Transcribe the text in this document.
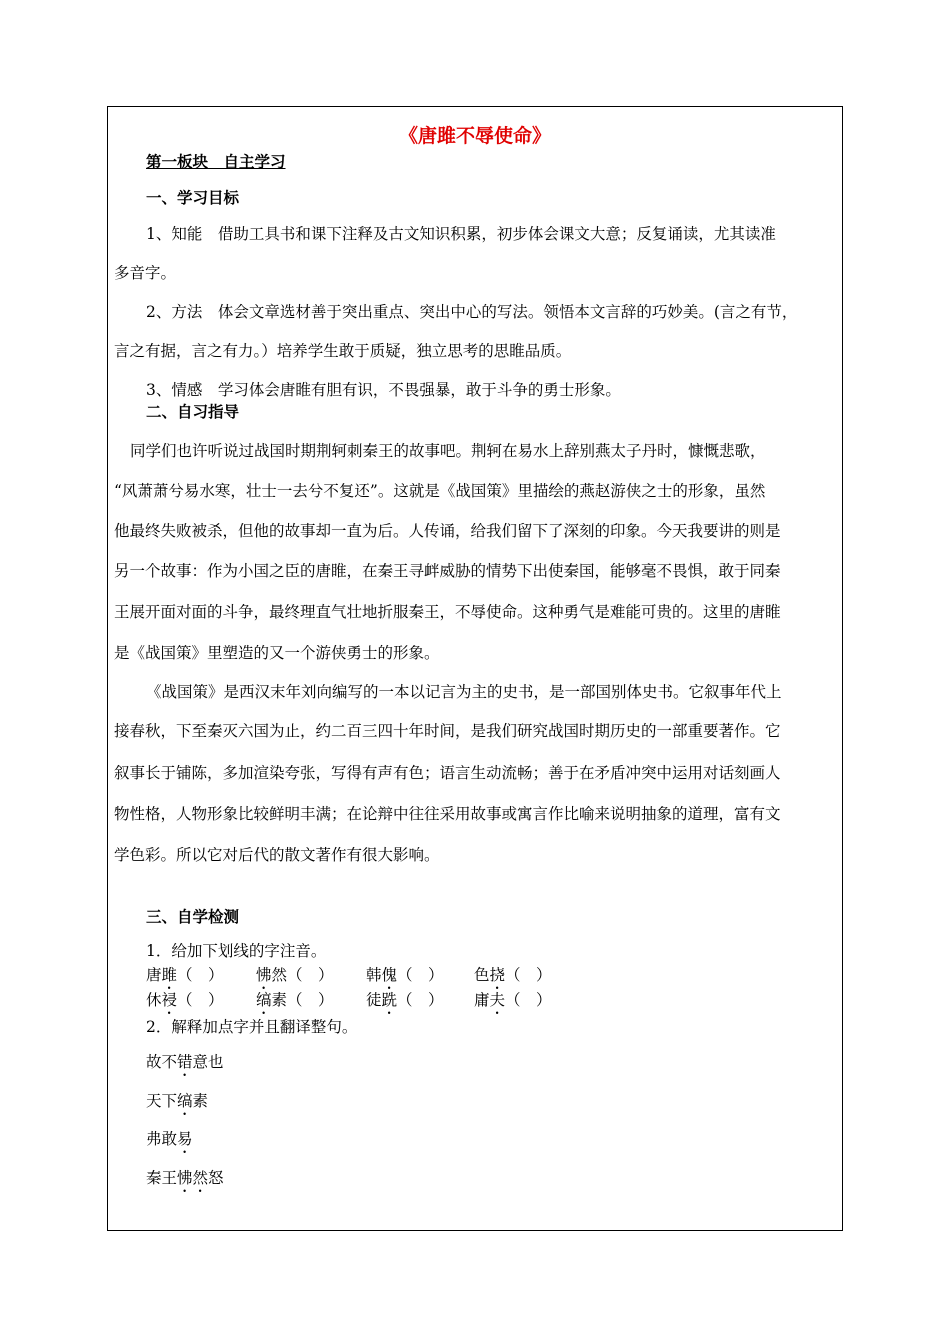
《唐雎不辱使命》
第一板块　自主学习
一、学习目标
1、知能　借助工具书和课下注释及古文知识积累，初步体会课文大意；反复诵读，尤其读准
多音字。
2、方法　体会文章选材善于突出重点、突出中心的写法。领悟本文言辞的巧妙美。(言之有节，
言之有据，言之有力。）培养学生敢于质疑，独立思考的思睢品质。
3、情感　学习体会唐睢有胆有识，不畏强暴，敢于斗争的勇士形象。
二、自习指导
同学们也许听说过战国时期荆轲刺秦王的故事吧。荆轲在易水上辞别燕太子丹时，慷慨悲歌，
“风萧萧兮易水寒，壮士一去兮不复还”。这就是《战国策》里描绘的燕赵游侠之士的形象，虽然
他最终失败被杀，但他的故事却一直为后。人传诵，给我们留下了深刻的印象。今天我要讲的则是
另一个故事：作为小国之臣的唐睢，在秦王寻衅威胁的情势下出使秦国，能够毫不畏惧，敢于同秦
王展开面对面的斗争，最终理直气壮地折服秦王，不辱使命。这种勇气是难能可贵的。这里的唐睢
是《战国策》里塑造的又一个游侠勇士的形象。
《战国策》是西汉末年刘向编写的一本以记言为主的史书，是一部国别体史书。它叙事年代上
接春秋，下至秦灭六国为止，约二百三四十年时间，是我们研究战国时期历史的一部重要著作。它
叙事长于铺陈，多加渲染夸张，写得有声有色；语言生动流畅；善于在矛盾冲突中运用对话刻画人
物性格，人物形象比较鲜明丰满；在论辩中往往采用故事或寓言作比喻来说明抽象的道理，富有文
学色彩。所以它对后代的散文著作有很大影响。
三、自学检测
1．给加下划线的字注音。
唐雎（　） 怫然（　） 韩傀（　） 色挠（　）
休祲（　） 缟素（　） 徒跣（　） 庸夫（　）
2．解释加点字并且翻译整句。
故不错意也
天下缟素
弗敢易
秦王怫然怒
